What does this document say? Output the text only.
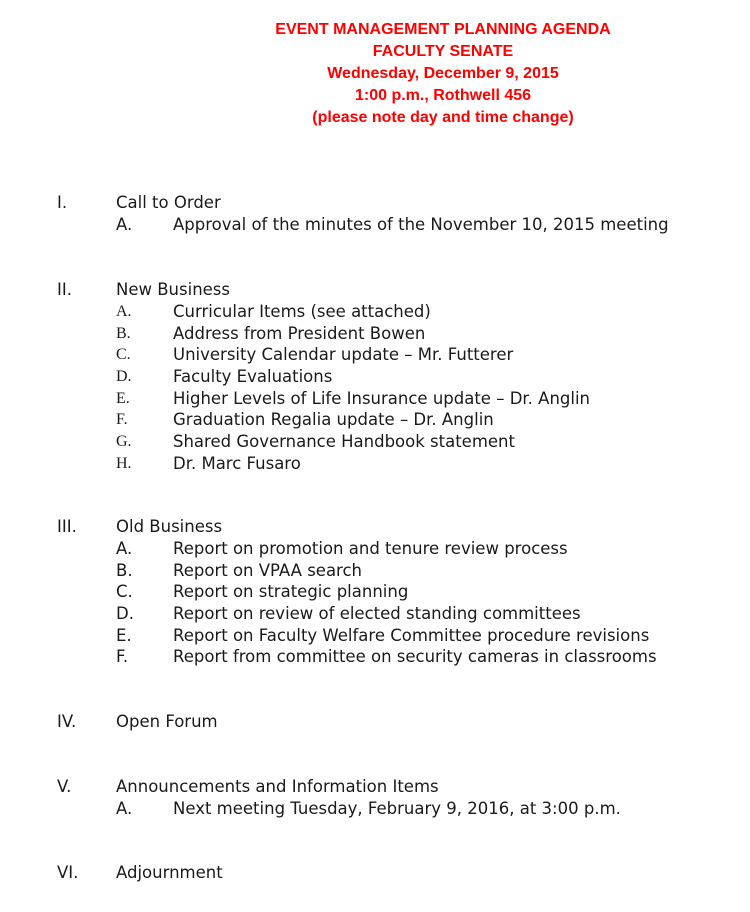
EVENT MANAGEMENT PLANNING AGENDA
FACULTY SENATE
Wednesday, December 9, 2015
1:00 p.m., Rothwell 456
(please note day and time change)
I.	Call to Order
A. Approval of the minutes of the November 10, 2015 meeting
II.	New Business
A.	Curricular Items (see attached)
B.	Address from President Bowen
C.	University Calendar update – Mr. Futterer
D.	Faculty Evaluations
E.	Higher Levels of Life Insurance update – Dr. Anglin
F.	Graduation Regalia update – Dr. Anglin
G.	Shared Governance Handbook statement
H.	Dr. Marc Fusaro
III. Old Business
A. Report on promotion and tenure review process
B. Report on VPAA search
C. Report on strategic planning
D. Report on review of elected standing committees
E.	Report on Faculty Welfare Committee procedure revisions
F.	Report from committee on security cameras in classrooms
IV. Open Forum
V.	Announcements and Information Items
A. Next meeting Tuesday, February 9, 2016, at 3:00 p.m.
VI. Adjournment
